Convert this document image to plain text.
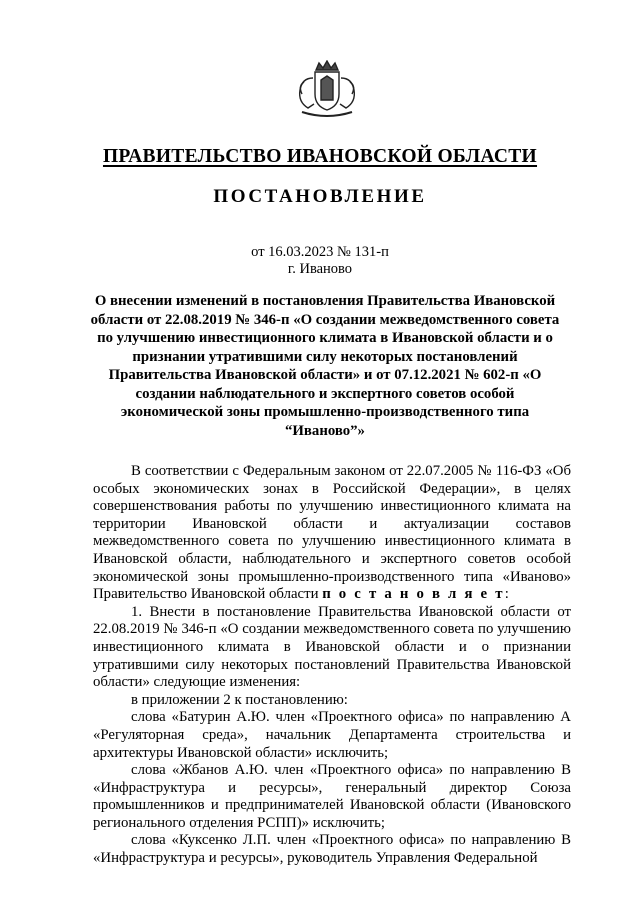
ПРАВИТЕЛЬСТВО ИВАНОВСКОЙ ОБЛАСТИ
ПОСТАНОВЛЕНИЕ
от 16.03.2023 № 131-п
г. Иваново
О внесении изменений в постановления Правительства Ивановской области от 22.08.2019 № 346-п «О создании межведомственного совета по улучшению инвестиционного климата в Ивановской области и о признании утратившими силу некоторых постановлений Правительства Ивановской области» и от 07.12.2021 № 602-п «О создании наблюдательного и экспертного советов особой экономической зоны промышленно-производственного типа “Иваново”»

В соответствии с Федеральным законом от 22.07.2005 № 116-ФЗ «Об особых экономических зонах в Российской Федерации», в целях совершенствования работы по улучшению инвестиционного климата на территории Ивановской области и актуализации составов межведомственного совета по улучшению инвестиционного климата в Ивановской области, наблюдательного и экспертного советов особой экономической зоны промышленно-производственного типа «Иваново» Правительство Ивановской области п о с т а н о в л я е т:

1. Внести в постановление Правительства Ивановской области от 22.08.2019 № 346-п «О создании межведомственного совета по улучшению инвестиционного климата в Ивановской области и о признании утратившими силу некоторых постановлений Правительства Ивановской области» следующие изменения:

в приложении 2 к постановлению:

слова «Батурин А.Ю. член «Проектного офиса» по направлению А «Регуляторная среда», начальник Департамента строительства и архитектуры Ивановской области» исключить;

слова «Жбанов А.Ю. член «Проектного офиса» по направлению В «Инфраструктура и ресурсы», генеральный директор Союза промышленников и предпринимателей Ивановской области (Ивановского регионального отделения РСПП)» исключить;

слова «Куксенко Л.П. член «Проектного офиса» по направлению В «Инфраструктура и ресурсы», руководитель Управления Федеральной
